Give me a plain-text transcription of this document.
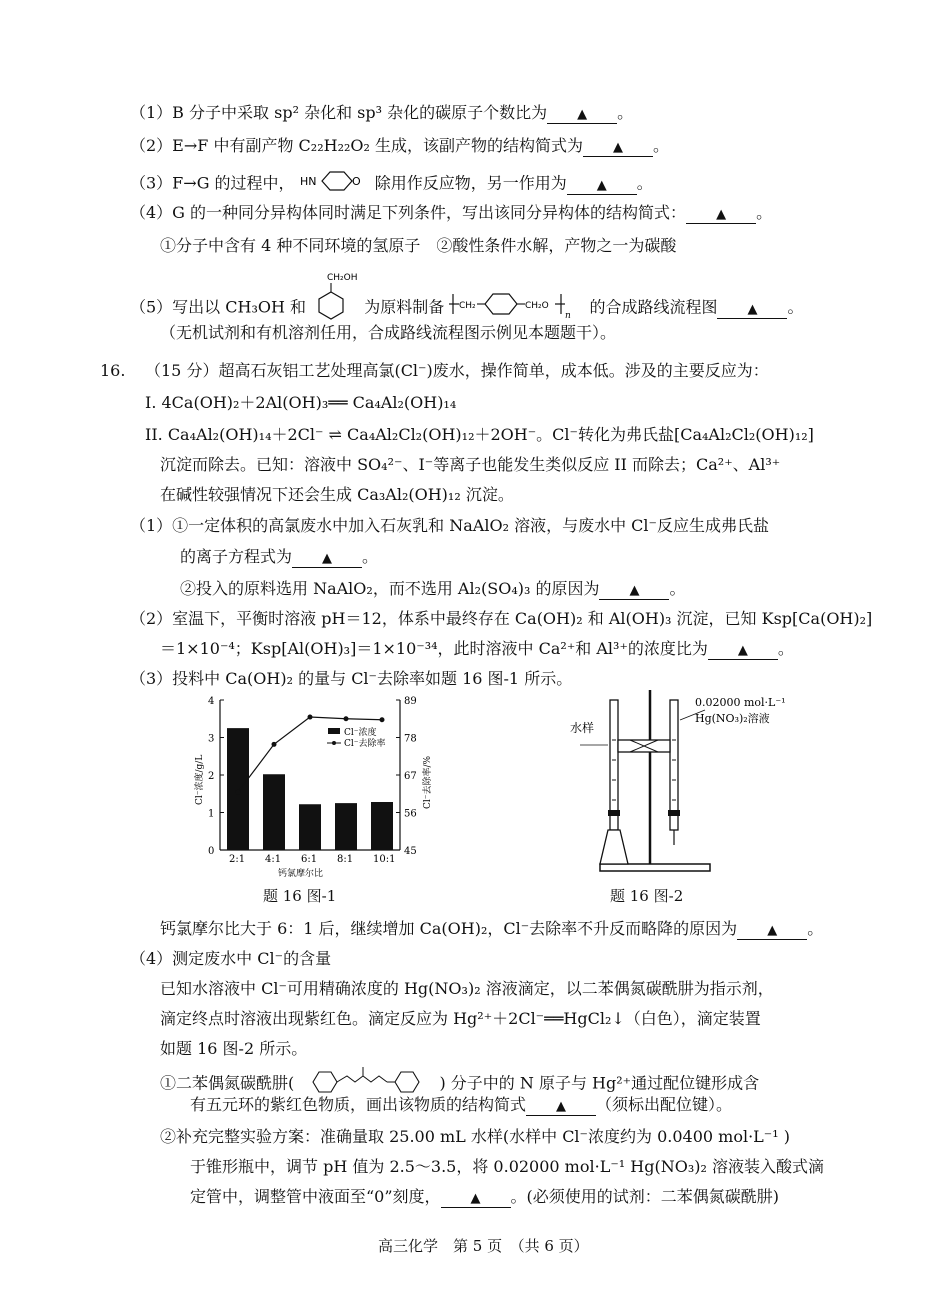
（1）B 分子中采取 sp² 杂化和 sp³ 杂化的碳原子个数比为 ▲ 。
（2）E→F 中有副产物 C₂₂H₂₂O₂ 生成，该副产物的结构简式为 ▲ 。
（3）F→G 的过程中， HN	O 除用作反应物，另一作用为 ▲ 。
（4）G 的一种同分异构体同时满足下列条件，写出该同分异构体的结构简式： ▲ 。
①分子中含有 4 种不同环境的氢原子　②酸性条件水解，产物之一为碳酸
（5）写出以 CH₃OH 和
CH₂OH
为原料制备 CH₂	CH₂O
n 的合成路线流程图 ▲ 。
（无机试剂和有机溶剂任用，合成路线流程图示例见本题题干）。
16. （15 分）超高石灰铝工艺处理高氯(Cl⁻)废水，操作简单，成本低。涉及的主要反应为：
I. 4Ca(OH)₂＋2Al(OH)₃══ Ca₄Al₂(OH)₁₄
II. Ca₄Al₂(OH)₁₄＋2Cl⁻ ⇌ Ca₄Al₂Cl₂(OH)₁₂＋2OH⁻。Cl⁻转化为弗氏盐[Ca₄Al₂Cl₂(OH)₁₂]
沉淀而除去。已知：溶液中 SO₄²⁻、I⁻等离子也能发生类似反应 II 而除去；Ca²⁺、Al³⁺
在碱性较强情况下还会生成 Ca₃Al₂(OH)₁₂ 沉淀。
（1）①一定体积的高氯废水中加入石灰乳和 NaAlO₂ 溶液，与废水中 Cl⁻反应生成弗氏盐
的离子方程式为 ▲ 。
②投入的原料选用 NaAlO₂，而不选用 Al₂(SO₄)₃ 的原因为 ▲ 。
（2）室温下，平衡时溶液 pH＝12，体系中最终存在 Ca(OH)₂ 和 Al(OH)₃ 沉淀，已知 Ksp[Ca(OH)₂]
＝1×10⁻⁴；Ksp[Al(OH)₃]＝1×10⁻³⁴，此时溶液中 Ca²⁺和 Al³⁺的浓度比为 ▲ 。
（3）投料中 Ca(OH)₂ 的量与 Cl⁻去除率如题 16 图-1 所示。
0
1
2
3
4
45
56
67
78
89
2:1 4:1 6:1 8:1 10:1
钙氯摩尔比
Cl⁻浓度/g/L	Cl⁻去除率/%
Cl⁻浓度
Cl⁻去除率
题 16 图-1
水样
0.02000 mol·L⁻¹
Hg(NO₃)₂溶液
题 16 图-2
钙氯摩尔比大于 6：1 后，继续增加 Ca(OH)₂，Cl⁻去除率不升反而略降的原因为 ▲ 。
（4）测定废水中 Cl⁻的含量
已知水溶液中 Cl⁻可用精确浓度的 Hg(NO₃)₂ 溶液滴定，以二苯偶氮碳酰肼为指示剂，
滴定终点时溶液出现紫红色。滴定反应为 Hg²⁺＋2Cl⁻══HgCl₂↓（白色），滴定装置
如题 16 图-2 所示。
①二苯偶氮碳酰肼(	) 分子中的 N 原子与 Hg²⁺通过配位键形成含
有五元环的紫红色物质，画出该物质的结构简式 ▲ （须标出配位键）。
②补充完整实验方案：准确量取 25.00 mL 水样(水样中 Cl⁻浓度约为 0.0400 mol·L⁻¹ )
于锥形瓶中，调节 pH 值为 2.5～3.5，将 0.02000 mol·L⁻¹ Hg(NO₃)₂ 溶液装入酸式滴
定管中，调整管中液面至“0”刻度， ▲ 。(必须使用的试剂：二苯偶氮碳酰肼)
高三化学　第 5 页　（共 6 页）
